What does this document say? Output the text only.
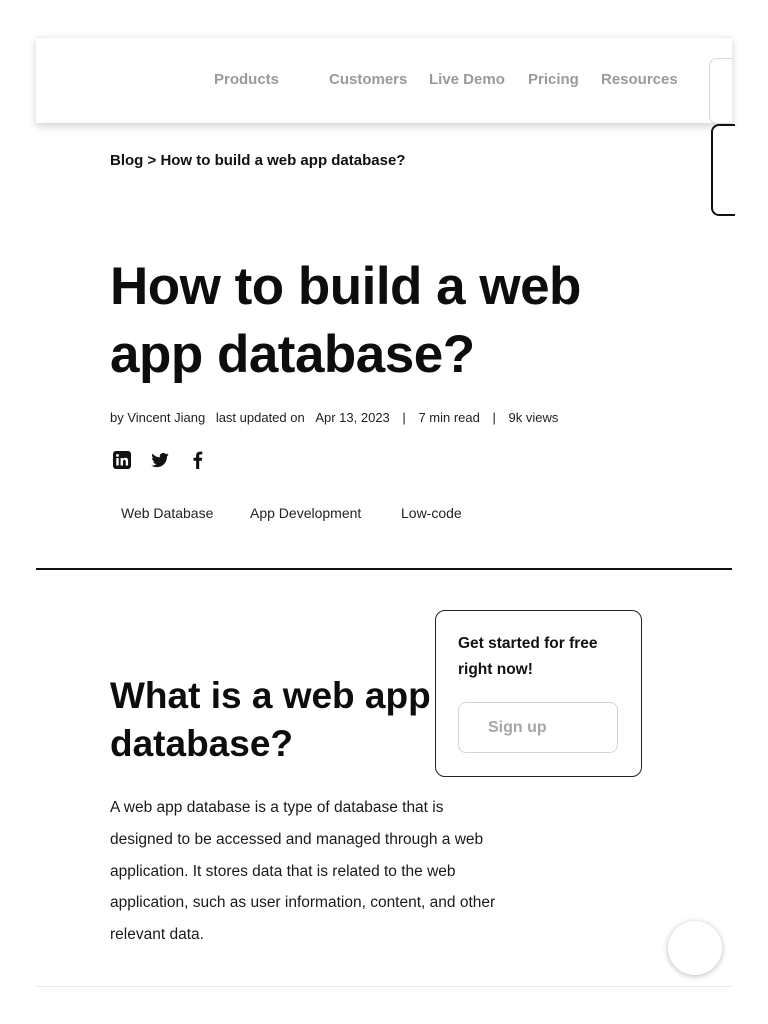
Products	Customers Live Demo Pricing Resources
Blog > How to build a web app database?
How to build a web app database?
by Vincent Jiang last updated on Apr 13, 2023 | 7 min read | 9k views
Web Database	App Development	Low-code
What is a web app database?

A web app database is a type of database that is designed to be accessed and managed through a web application. It stores data that is related to the web application, such as user information, content, and other relevant data.

Get started for free right now!

Sign up
